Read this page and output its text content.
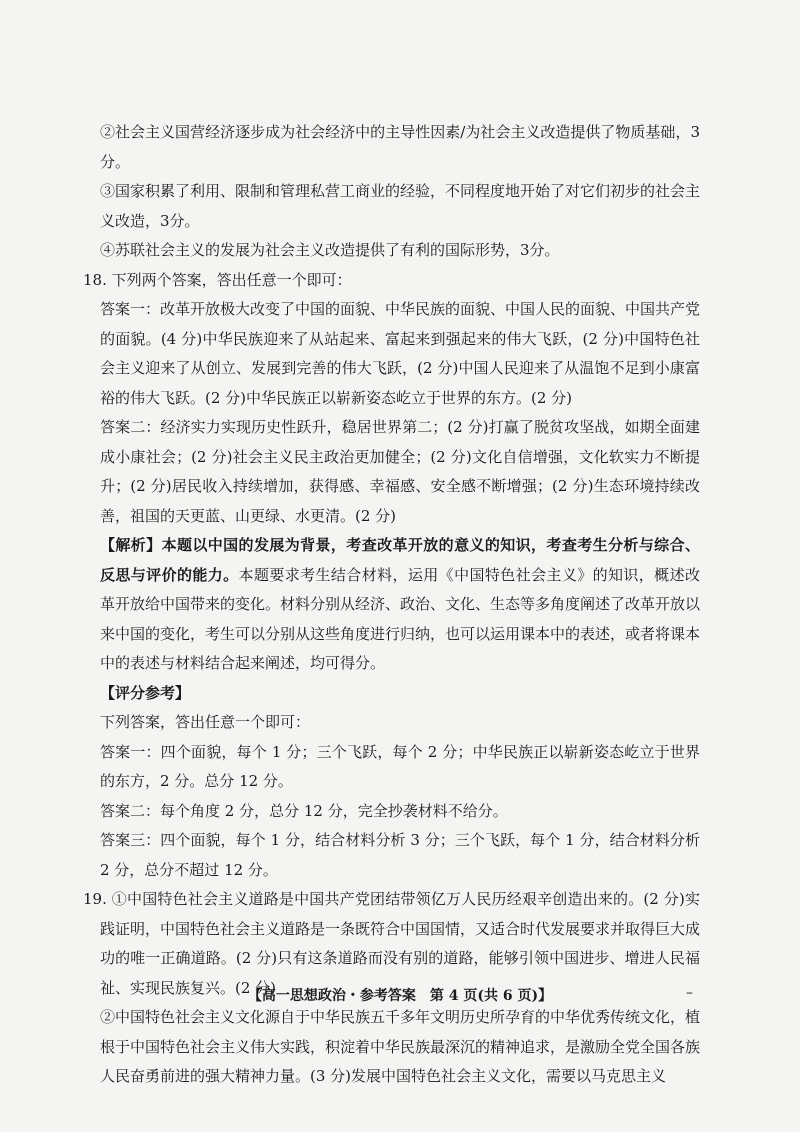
②社会主义国营经济逐步成为社会经济中的主导性因素/为社会主义改造提供了物质基础，3分。

③国家积累了利用、限制和管理私营工商业的经验，不同程度地开始了对它们初步的社会主义改造，3分。

④苏联社会主义的发展为社会主义改造提供了有利的国际形势，3分。

18. 下列两个答案，答出任意一个即可：

答案一：改革开放极大改变了中国的面貌、中华民族的面貌、中国人民的面貌、中国共产党的面貌。(4 分)中华民族迎来了从站起来、富起来到强起来的伟大飞跃，(2 分)中国特色社会主义迎来了从创立、发展到完善的伟大飞跃，(2 分)中国人民迎来了从温饱不足到小康富裕的伟大飞跃。(2 分)中华民族正以崭新姿态屹立于世界的东方。(2 分)

答案二：经济实力实现历史性跃升，稳居世界第二；(2 分)打赢了脱贫攻坚战，如期全面建成小康社会；(2 分)社会主义民主政治更加健全；(2 分)文化自信增强，文化软实力不断提升；(2 分)居民收入持续增加，获得感、幸福感、安全感不断增强；(2 分)生态环境持续改善，祖国的天更蓝、山更绿、水更清。(2 分)

【解析】本题以中国的发展为背景，考查改革开放的意义的知识，考查考生分析与综合、反思与评价的能力。本题要求考生结合材料，运用《中国特色社会主义》的知识，概述改革开放给中国带来的变化。材料分别从经济、政治、文化、生态等多角度阐述了改革开放以来中国的变化，考生可以分别从这些角度进行归纳，也可以运用课本中的表述，或者将课本中的表述与材料结合起来阐述，均可得分。

【评分参考】

下列答案，答出任意一个即可：

答案一：四个面貌，每个 1 分；三个飞跃，每个 2 分；中华民族正以崭新姿态屹立于世界的东方，2 分。总分 12 分。

答案二：每个角度 2 分，总分 12 分，完全抄袭材料不给分。

答案三：四个面貌，每个 1 分，结合材料分析 3 分；三个飞跃，每个 1 分，结合材料分析 2 分，总分不超过 12 分。

19. ①中国特色社会主义道路是中国共产党团结带领亿万人民历经艰辛创造出来的。(2 分)实践证明，中国特色社会主义道路是一条既符合中国国情，又适合时代发展要求并取得巨大成功的唯一正确道路。(2 分)只有这条道路而没有别的道路，能够引领中国进步、增进人民福祉、实现民族复兴。(2 分)

②中国特色社会主义文化源自于中华民族五千多年文明历史所孕育的中华优秀传统文化，植根于中国特色社会主义伟大实践，积淀着中华民族最深沉的精神追求，是激励全党全国各族人民奋勇前进的强大精神力量。(3 分)发展中国特色社会主义文化，需要以马克思主义

【高一思想政治・参考答案　第 4 页(共 6 页)】	–
